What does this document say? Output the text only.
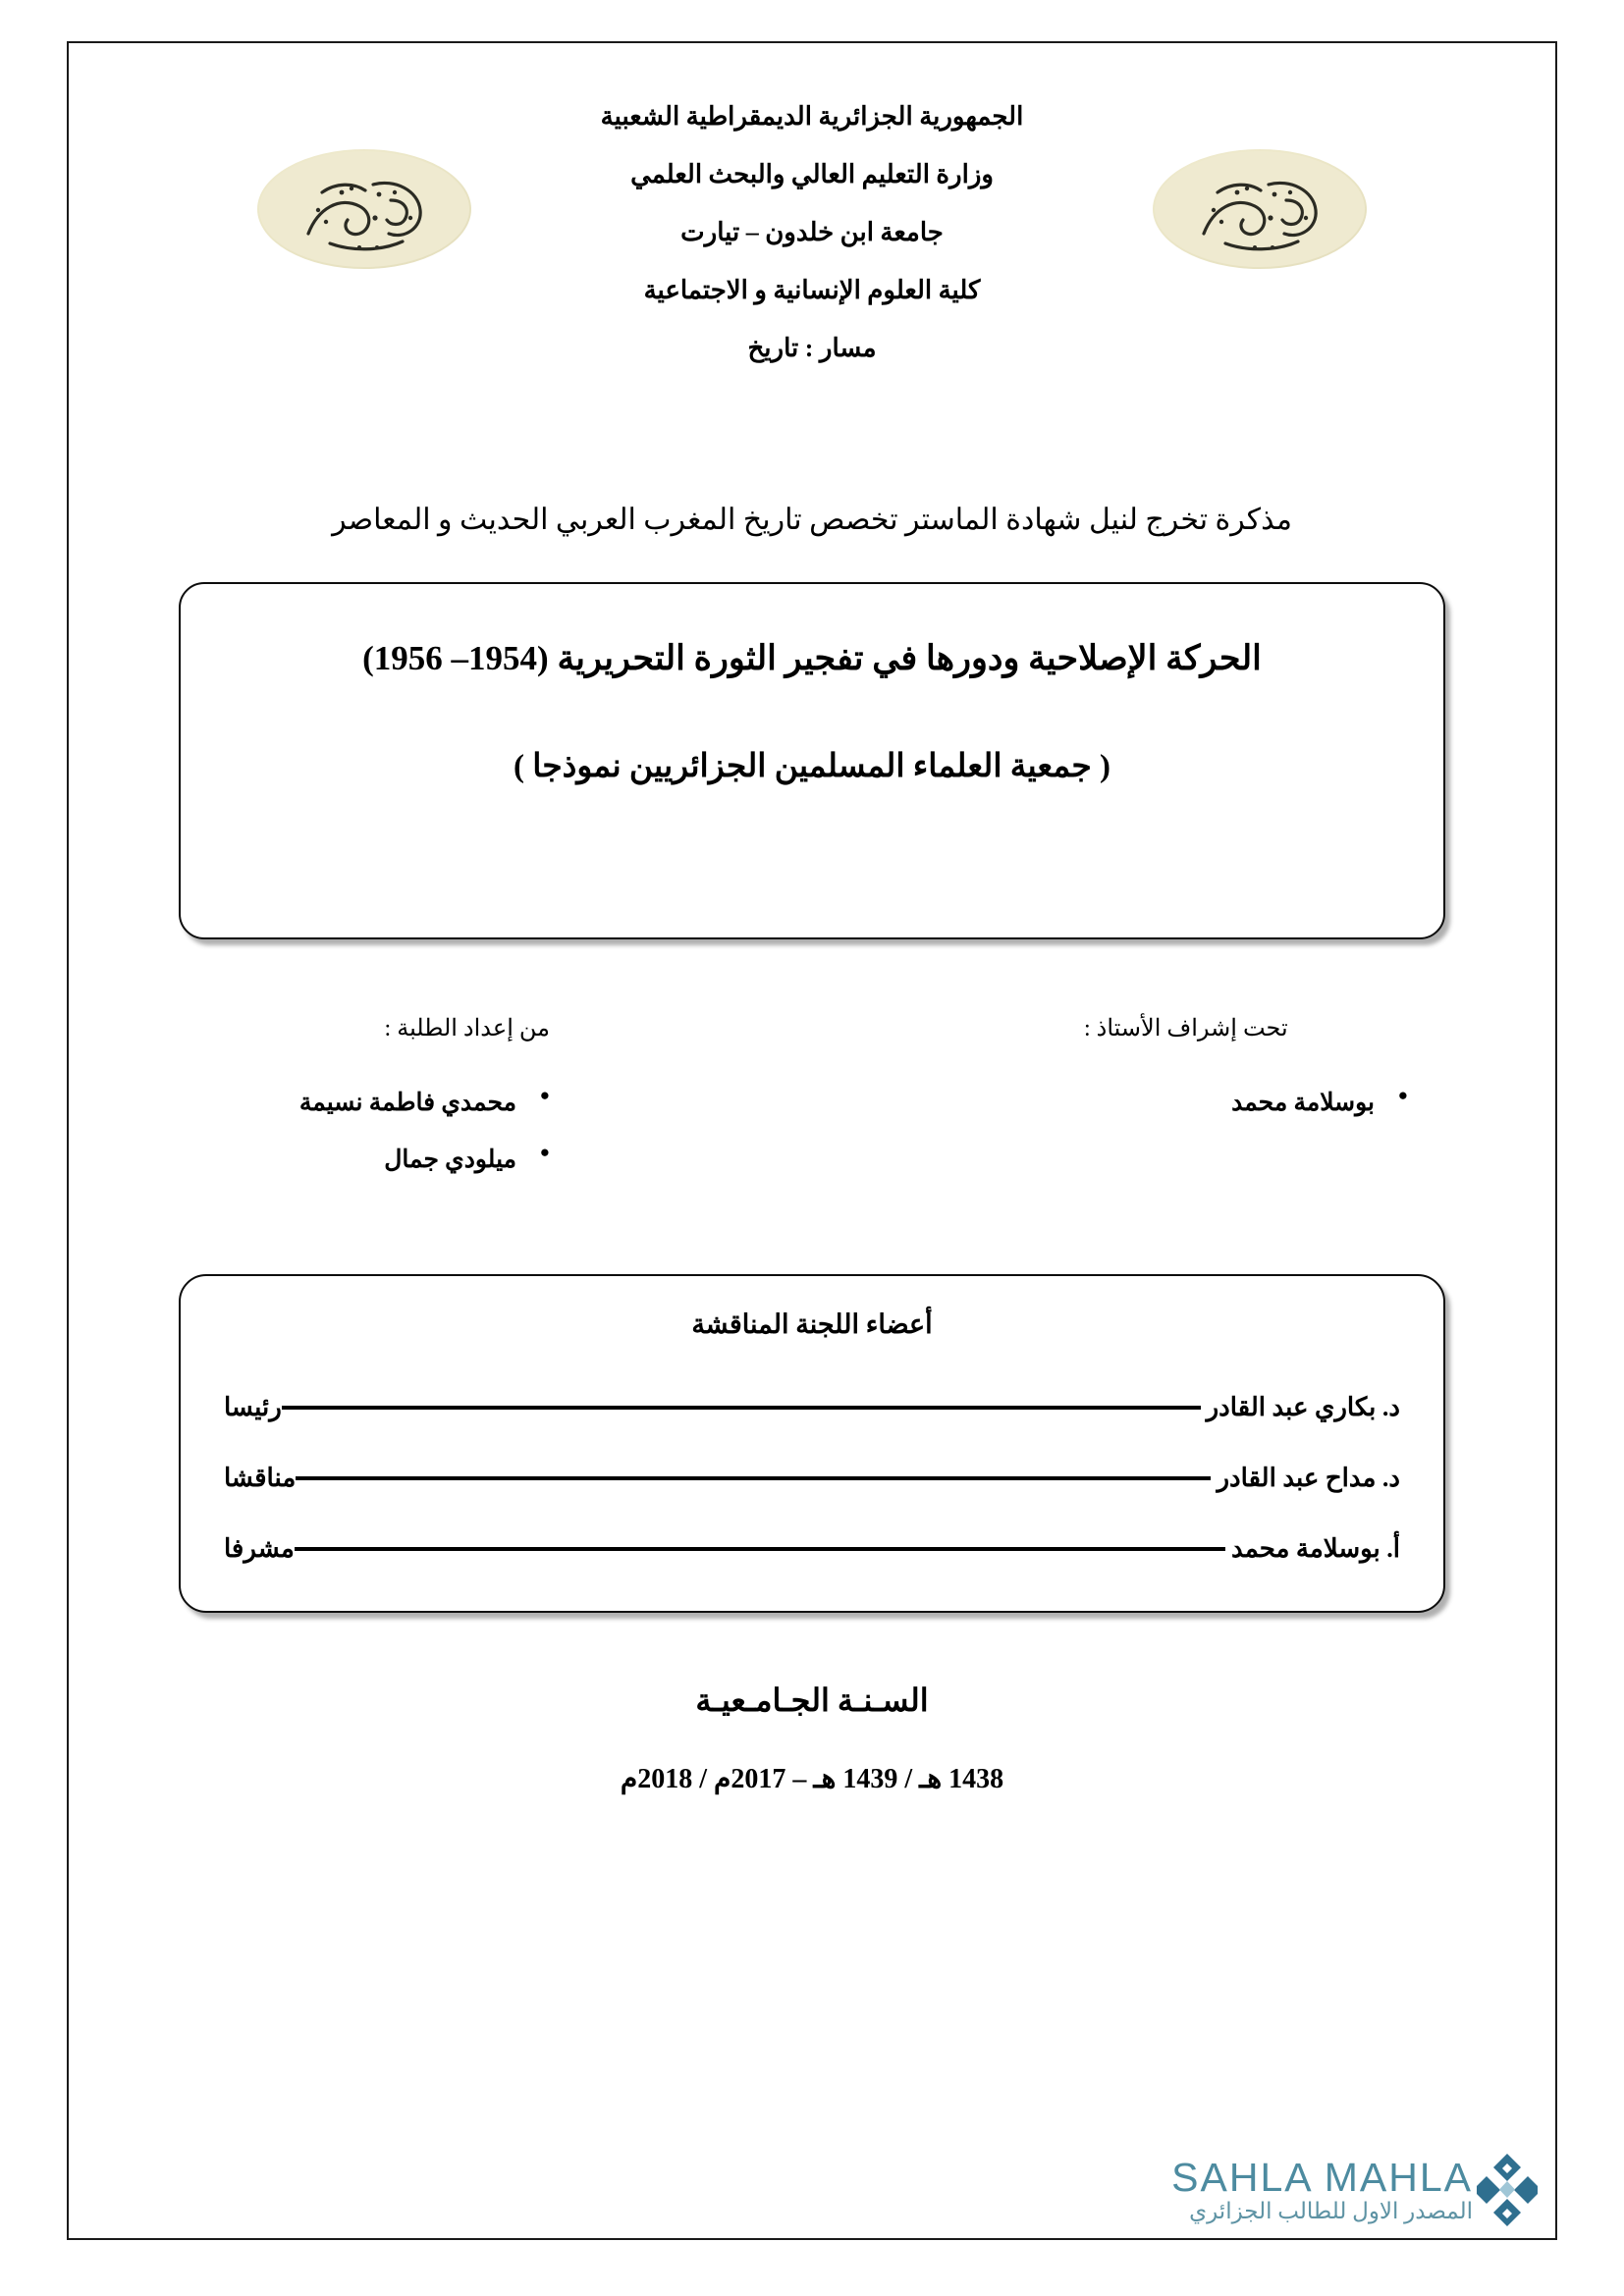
الجمهورية الجزائرية الديمقراطية الشعبية
وزارة التعليم العالي والبحث العلمي
جامعة ابن خلدون – تيارت
كلية العلوم الإنسانية و الاجتماعية
مسار : تاريخ
مذكرة تخرج لنيل شهادة الماستر تخصص تاريخ المغرب العربي الحديث و المعاصر
الحركة الإصلاحية ودورها في تفجير الثورة التحريرية (1954– 1956)
( جمعية العلماء المسلمين الجزائريين نموذجا )
تحت إشراف الأستاذ :
● بوسلامة محمد
من إعداد الطلبة :
● محمدي فاطمة نسيمة
● ميلودي جمال
أعضاء اللجنة المناقشة
د. بكاري عبد القادر
رئيسا
د. مداح عبد القادر
مناقشا
أ. بوسلامة محمد
مشرفا
السـنـة الجـامـعيـة
1438 هـ / 1439 هـ – 2017م / 2018م
SAHLA MAHLA
المصدر الاول للطالب الجزائري
